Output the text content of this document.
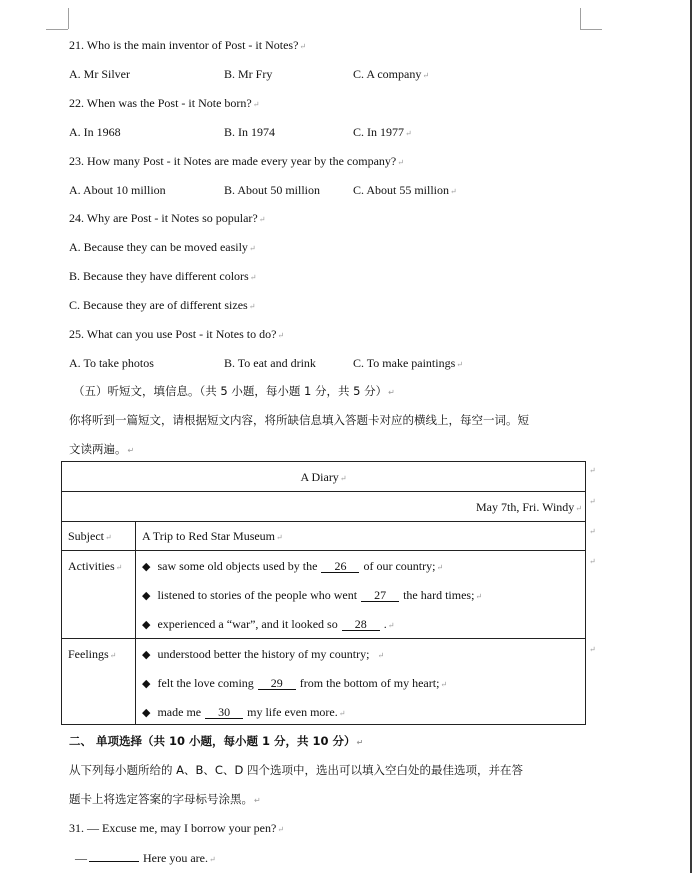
21. Who is the main inventor of Post - it Notes?↵
A. Mr Silver	B. Mr Fry	C. A company↵
22. When was the Post - it Note born?↵
A. In 1968	B. In 1974	C. In 1977↵
23. How many Post - it Notes are made every year by the company?↵
A. About 10 million	B. About 50 million	C. About 55 million↵
24. Why are Post - it Notes so popular?↵
A. Because they can be moved easily↵
B. Because they have different colors↵
C. Because they are of different sizes↵
25. What can you use Post - it Notes to do?↵
A. To take photos	B. To eat and drink	C. To make paintings↵
（五）听短文，填信息。（共 5 小题，每小题 1 分，共 5 分）↵
你将听到一篇短文，请根据短文内容，将所缺信息填入答题卡对应的横线上，每空一词。短
文读两遍。↵
A Diary↵
May 7th, Fri. Windy↵
Subject↵	A Trip to Red Star Museum↵
Activities↵ ◆ saw some old objects used by the 26 of our country;↵
◆ listened to stories of the people who went 27 the hard times;↵
◆ experienced a “war”, and it looked so 28 .↵
Feelings↵ ◆ understood better the history of my country; ↵
◆ felt the love coming 29 from the bottom of my heart;↵
◆ made me 30 my life even more.↵
↵
↵
↵
↵
↵
二、 单项选择（共 10 小题，每小题 1 分，共 10 分）↵
从下列每小题所给的 A、B、C、D 四个选项中，选出可以填入空白处的最佳选项，并在答
题卡上将选定答案的字母标号涂黑。↵
31. — Excuse me, may I borrow your pen?↵
—	Here you are.↵
